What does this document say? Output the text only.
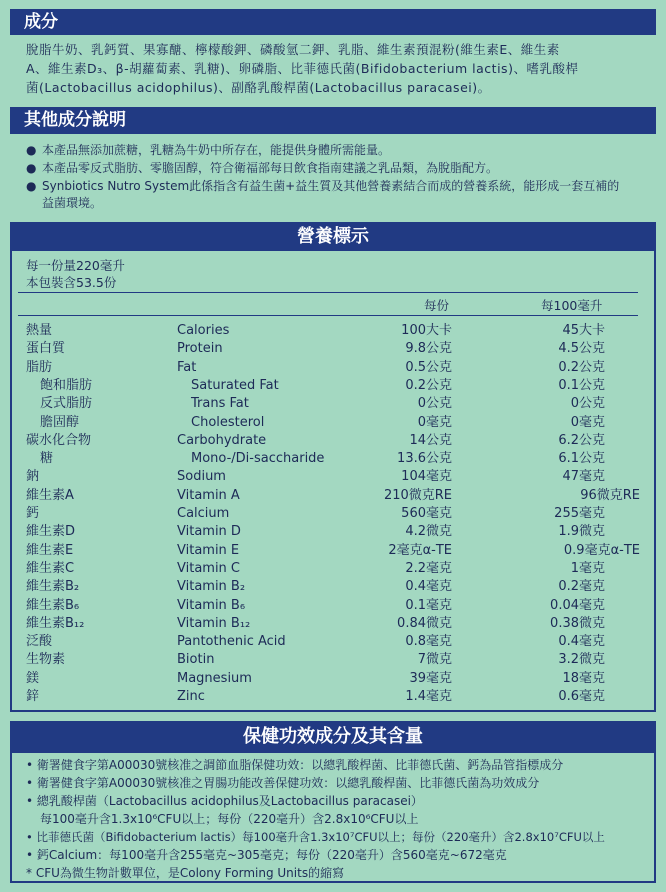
成分
脫脂牛奶、乳鈣質、果寡醣、檸檬酸鉀、磷酸氫二鉀、乳脂、維生素預混粉(維生素E、維生素
A、維生素D₃、β-胡蘿蔔素、乳糖)、卵磷脂、比菲德氏菌(Bifidobacterium lactis)、嗜乳酸桿
菌(Lactobacillus acidophilus)、副酪乳酸桿菌(Lactobacillus paracasei)。
其他成分說明
● 本產品無添加蔗糖，乳糖為牛奶中所存在，能提供身體所需能量。
● 本產品零反式脂肪、零膽固醇，符合衛福部每日飲食指南建議之乳品類，為脫脂配方。
● Synbiotics Nutro System此係指含有益生菌+益生質及其他營養素結合而成的營養系統，能形成一套互補的益菌環境。
營養標示
每一份量220毫升
本包裝含53.5份
每份	每100毫升
熱量	Calories	100大卡	45大卡
蛋白質	Protein	9.8公克	4.5公克
脂肪	Fat	0.5公克	0.2公克
飽和脂肪	Saturated Fat	0.2公克	0.1公克
反式脂肪	Trans Fat	0公克	0公克
膽固醇	Cholesterol	0毫克	0毫克
碳水化合物	Carbohydrate	14公克	6.2公克
糖	Mono-/Di-saccharide	13.6公克	6.1公克
鈉	Sodium	104毫克	47毫克
維生素A	Vitamin A	210微克RE	96微克RE
鈣	Calcium	560毫克	255毫克
維生素D	Vitamin D	4.2微克	1.9微克
維生素E	Vitamin E	2毫克α-TE	0.9毫克α-TE
維生素C	Vitamin C	2.2毫克	1毫克
維生素B₂	Vitamin B₂	0.4毫克	0.2毫克
維生素B₆	Vitamin B₆	0.1毫克	0.04毫克
維生素B₁₂	Vitamin B₁₂	0.84微克	0.38微克
泛酸	Pantothenic Acid	0.8毫克	0.4毫克
生物素	Biotin	7微克	3.2微克
鎂	Magnesium	39毫克	18毫克
鋅	Zinc	1.4毫克	0.6毫克
保健功效成分及其含量
• 衛署健食字第A00030號核准之調節血脂保健功效：以總乳酸桿菌、比菲德氏菌、鈣為品管指標成分
• 衛署健食字第A00030號核准之胃腸功能改善保健功效：以總乳酸桿菌、比菲德氏菌為功效成分
• 總乳酸桿菌（Lactobacillus acidophilus及Lactobacillus paracasei）
每100毫升含1.3x10⁶CFU以上；每份（220毫升）含2.8x10⁶CFU以上
• 比菲德氏菌（Bifidobacterium lactis）每100毫升含1.3x10⁷CFU以上；每份（220毫升）含2.8x10⁷CFU以上
• 鈣Calcium：每100毫升含255毫克~305毫克；每份（220毫升）含560毫克~672毫克
* CFU為微生物計數單位，是Colony Forming Units的縮寫
